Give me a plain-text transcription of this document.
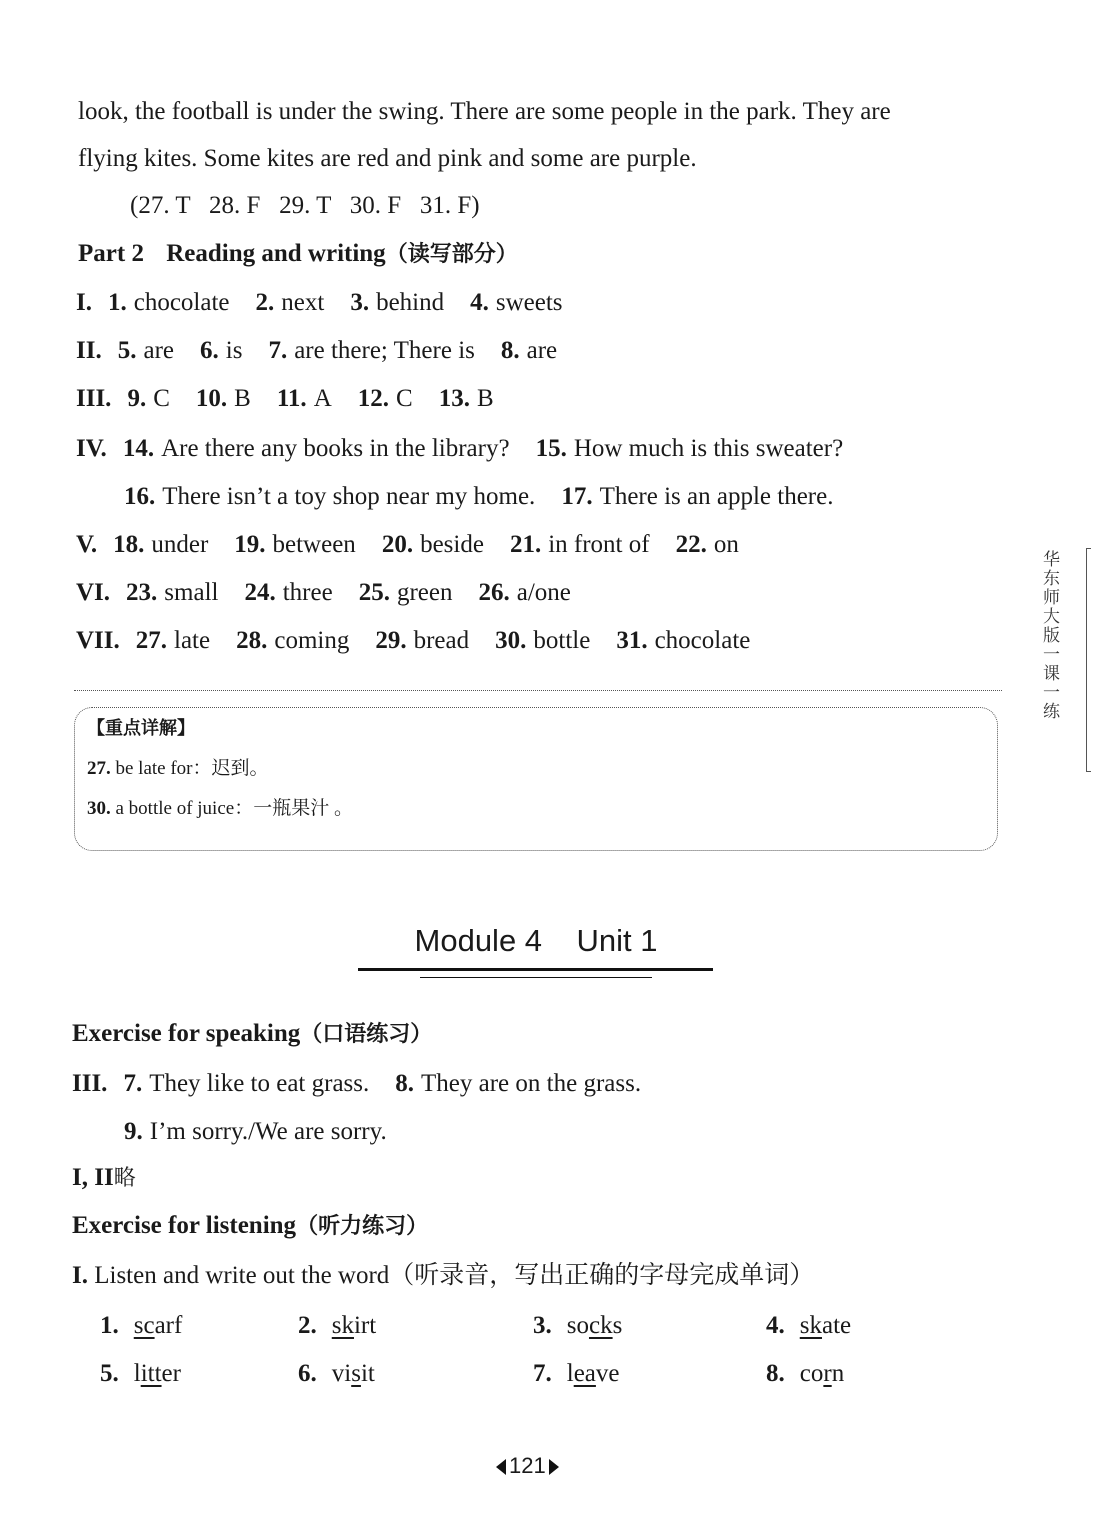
look, the football is under the swing. There are some people in the park. They are
flying kites. Some kites are red and pink and some are purple.
(27. T   28. F   29. T   30. F   31. F)
Part 2 Reading and writing（读写部分）
I. 1. chocolate 2. next 3. behind 4. sweets
II. 5. are 6. is 7. are there; There is 8. are
III. 9. C 10. B 11. A 12. C 13. B
IV. 14. Are there any books in the library? 15. How much is this sweater?
16. There isn’t a toy shop near my home. 17. There is an apple there.
V. 18. under 19. between 20. beside 21. in front of 22. on
VI. 23. small 24. three 25. green 26. a/one
VII. 27. late 28. coming 29. bread 30. bottle 31. chocolate
【重点详解】
27. be late for：迟到。
30. a bottle of juice：一瓶果汁 。
Module 4    Unit 1
Exercise for speaking（口语练习）
III. 7. They like to eat grass. 8. They are on the grass.
9. I’m sorry./We are sorry.
I, II略
Exercise for listening（听力练习）
I. Listen and write out the word（听录音，写出正确的字母完成单词）
1. scarf	2. skirt	3. socks	4. skate
5. litter	6. visit	7. leave	8. corn
华东师大版一课一练
121
